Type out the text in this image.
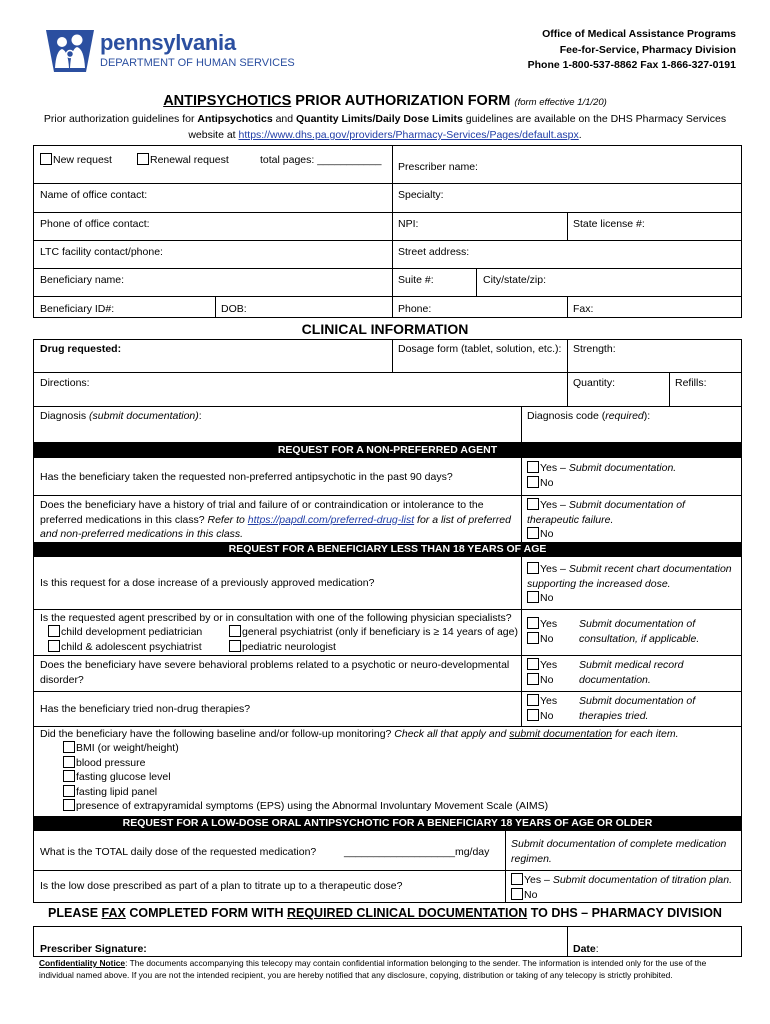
pennsylvania
DEPARTMENT OF HUMAN SERVICES
Office of Medical Assistance Programs
Fee-for-Service, Pharmacy Division
Phone 1-800-537-8862 Fax 1-866-327-0191
ANTIPSYCHOTICS PRIOR AUTHORIZATION FORM (form effective 1/1/20)
Prior authorization guidelines for Antipsychotics and Quantity Limits/Daily Dose Limits guidelines are available on the DHS Pharmacy Services
website at https://www.dhs.pa.gov/providers/Pharmacy-Services/Pages/default.aspx.
New request	Renewal request	total pages: ___________
Prescriber name:
Name of office contact:	Specialty:
Phone of office contact:	NPI:	State license #:
LTC facility contact/phone:	Street address:
Beneficiary name:	Suite #:	City/state/zip:
Beneficiary ID#:	DOB:	Phone:	Fax:
CLINICAL INFORMATION
Drug requested:	Dosage form (tablet, solution, etc.): Strength:
Directions:	Quantity:	Refills:
Diagnosis (submit documentation):	Diagnosis code (required):
REQUEST FOR A NON-PREFERRED AGENT
Has the beneficiary taken the requested non-preferred antipsychotic in the past 90 days?
Yes – Submit documentation.
No
Does the beneficiary have a history of trial and failure of or contraindication or intolerance to the
preferred medications in this class? Refer to https://papdl.com/preferred-drug-list for a list of preferred
and non-preferred medications in this class.
Yes – Submit documentation of
therapeutic failure.
No
REQUEST FOR A BENEFICIARY LESS THAN 18 YEARS OF AGE
Is this request for a dose increase of a previously approved medication?
Yes – Submit recent chart documentation
supporting the increased dose.
No
Is the requested agent prescribed by or in consultation with one of the following physician specialists?
child development pediatrician	general psychiatrist (only if beneficiary is ≥ 14 years of age)
child & adolescent psychiatrist	pediatric neurologist
Yes
No
Submit documentation of
consultation, if applicable.
Does the beneficiary have severe behavioral problems related to a psychotic or neuro-developmental
disorder?
Yes
No
Submit medical record
documentation.
Has the beneficiary tried non-drug therapies?
Yes
No
Submit documentation of
therapies tried.
Did the beneficiary have the following baseline and/or follow-up monitoring? Check all that apply and submit documentation for each item.
BMI (or weight/height)
blood pressure
fasting glucose level
fasting lipid panel
presence of extrapyramidal symptoms (EPS) using the Abnormal Involuntary Movement Scale (AIMS)
REQUEST FOR A LOW-DOSE ORAL ANTIPSYCHOTIC FOR A BENEFICIARY 18 YEARS OF AGE OR OLDER
What is the TOTAL daily dose of the requested medication?	___________________mg/day
Submit documentation of complete medication
regimen.
Is the low dose prescribed as part of a plan to titrate up to a therapeutic dose?	Yes – Submit documentation of titration plan.
No
PLEASE FAX COMPLETED FORM WITH REQUIRED CLINICAL DOCUMENTATION TO DHS – PHARMACY DIVISION
Prescriber Signature:	Date:
Confidentiality Notice: The documents accompanying this telecopy may contain confidential information belonging to the sender. The information is intended only for the use of the
individual named above. If you are not the intended recipient, you are hereby notified that any disclosure, copying, distribution or taking of any telecopy is strictly prohibited.
